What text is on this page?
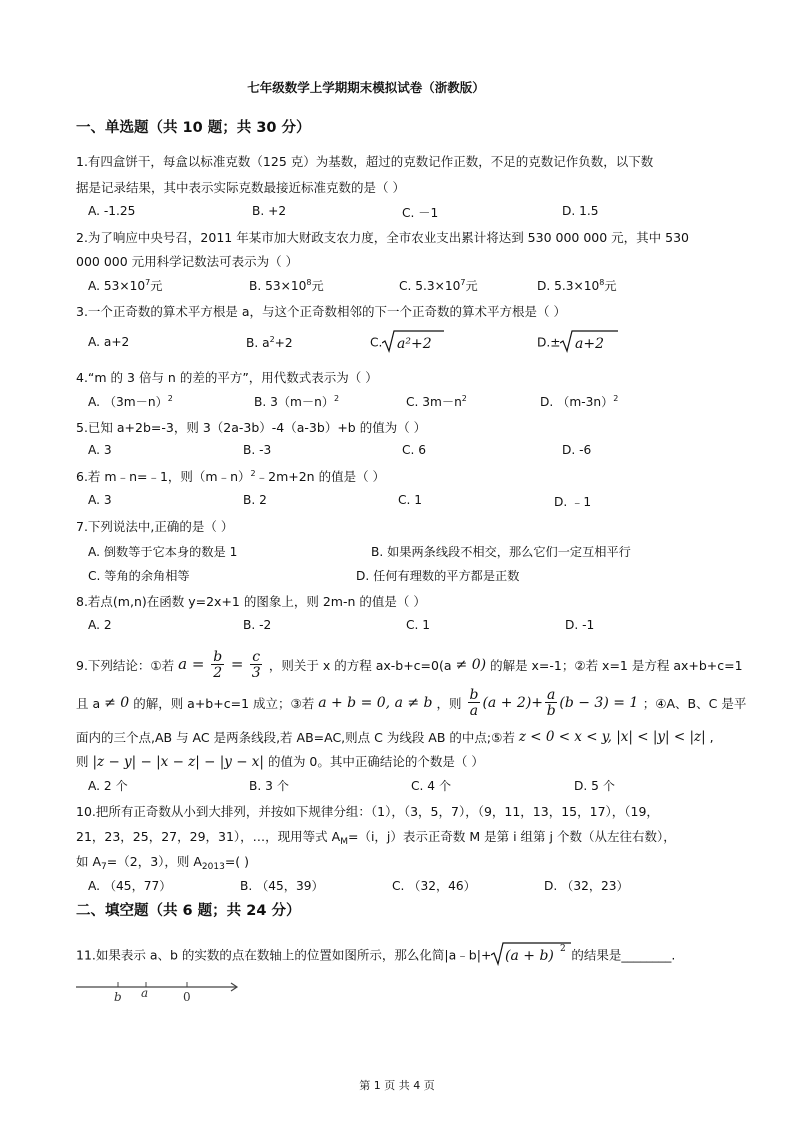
七年级数学上学期期末模拟试卷（浙教版）
一、单选题（共 10 题；共 30 分）
1.有四盒饼干，每盒以标准克数（125 克）为基数，超过的克数记作正数，不足的克数记作负数，以下数
据是记录结果，其中表示实际克数最接近标准克数的是（ ）
A. -1.25	B. +2	C. －1	D. 1.5
2.为了响应中央号召，2011 年某市加大财政支农力度，全市农业支出累计将达到 530 000 000 元，其中 530
000 000 元用科学记数法可表示为（ ）
A. $53\times 10^7$元	B. $53\times 10^8$元	C. $5.3\times 10^7$元	D. $5.3\times 10^8$元
3.一个正奇数的算术平方根是 a，与这个正奇数相邻的下一个正奇数的算术平方根是（ ）
A. a+2	B. $a^2+2$	C. a²+2	D.± a+2
4.“m 的 3 倍与 n 的差的平方”，用代数式表示为（ ）
A. $(3m-n)^2$	B. $3(m-n)^2$	C. $3m-n^2$	D. $(m-3n)^2$
5.已知 a+2b=-3，则 3（2a-3b）-4（a-3b）+b 的值为（ ）
A. 3	B. -3	C. 6	D. -6
6.若 m﹣n=﹣1，则（m﹣n）$^2$﹣2m+2n 的值是（ ）
A. 3	B. 2	C. 1	D. ﹣1
7.下列说法中,正确的是（ ）
A. 倒数等于它本身的数是 1	B. 如果两条线段不相交，那么它们一定互相平行
C. 等角的余角相等	D. 任何有理数的平方都是正数
8.若点(m,n)在函数 y=2x+1 的图象上，则 2m-n 的值是（ ）
A. 2	B. -2	C. 1	D. -1
9.下列结论：①若 $a = \frac{b}{2} = \frac{c}{3}$ ，则关于 x 的方程 ax-b+c=0(a ≠ 0) 的解是 x=-1；②若 x=1 是方程 ax+b+c=1
且 a ≠ 0 的解，则 a+b+c=1 成立；③若 a + b = 0, a ≠ b ，则 $\frac{b}{a} (a + 2)+ \frac{a}{b} (b - 3) = 1$ ；④A、B、C 是平
面内的三个点,AB 与 AC 是两条线段,若 AB=AC,则点 C 为线段 AB 的中点;⑤若 z < 0 < x < y, |x| < |y| < |z| ,
则 |z − y| − |x − z| − |y − x| 的值为 0。其中正确结论的个数是（ ）
A. 2 个	B. 3 个	C. 4 个	D. 5 个
10.把所有正奇数从小到大排列，并按如下规律分组：（1），（3，5，7），（9，11，13，15，17），（19，
21，23，25，27，29，31），…，现用等式 $A_M=(i$，j）表示正奇数 M 是第 i 组第 j 个数（从左往右数），
如 $A_7=(2$，3），则 $A_{2013}=$( )
A. （45，77）	B. （45，39）	C. （32，46）	D. （32，23）
二、填空题（共 6 题；共 24 分）
11.如果表示 a、b 的实数的点在数轴上的位置如图所示，那么化简|a﹣b|+ (a + b) 2 的结果是________.
b a	0
第 1 页 共 4 页
